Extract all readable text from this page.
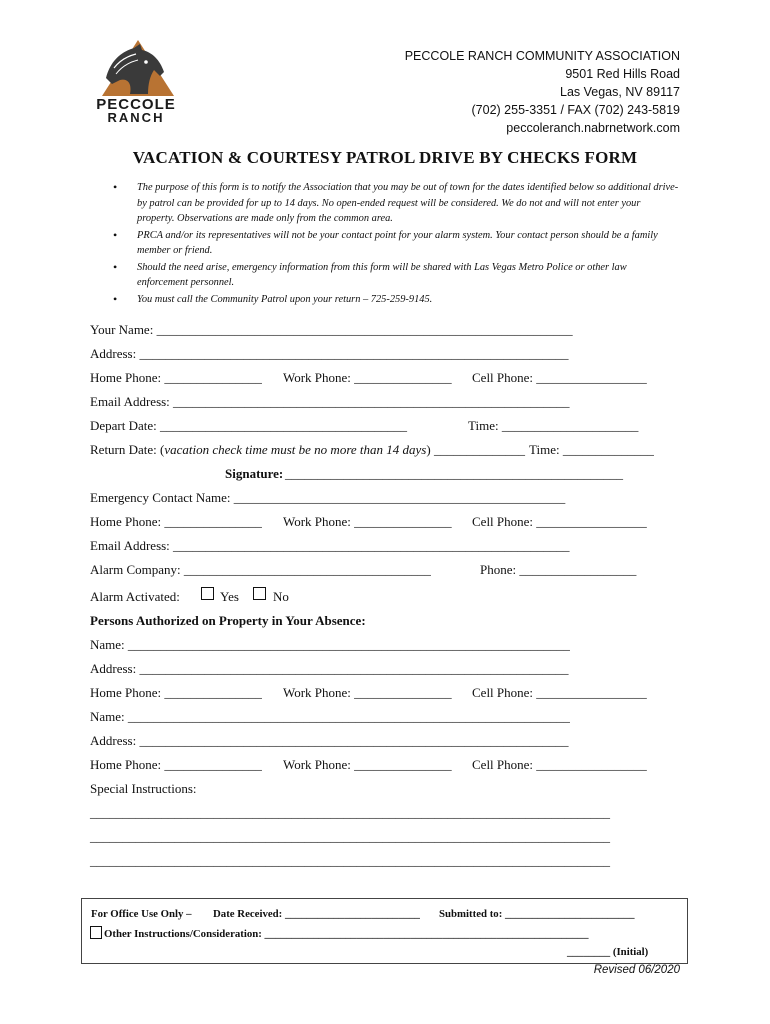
PECCOLE
RANCH
PECCOLE RANCH COMMUNITY ASSOCIATION
9501 Red Hills Road
Las Vegas, NV 89117
(702) 255-3351 / FAX (702) 243-5819
peccoleranch.nabrnetwork.com
VACATION & COURTESY PATROL DRIVE BY CHECKS FORM
• The purpose of this form is to notify the Association that you may be out of town for the dates identified below so additional drive-by patrol can be provided for up to 14 days. No open-ended request will be considered. We do not and will not enter your property. Observations are made only from the common area.
• PRCA and/or its representatives will not be your contact point for your alarm system. Your contact person should be a family member or friend.
• Should the need arise, emergency information from this form will be shared with Las Vegas Metro Police or other law enforcement personnel.
• You must call the Community Patrol upon your return – 725-259-9145.
Your Name: ________________________________________________________________
Address: __________________________________________________________________
Home Phone: _______________ Work Phone: _______________ Cell Phone: _________________
Email Address: _____________________________________________________________
Depart Date: ______________________________________	Time: _____________________
Return Date: (vacation check time must be no more than 14 days) ______________ Time: ______________
Signature: ____________________________________________________
Emergency Contact Name: ___________________________________________________
Home Phone: _______________ Work Phone: _______________ Cell Phone: _________________
Email Address: _____________________________________________________________
Alarm Company: ______________________________________	Phone: __________________
Alarm Activated:	Yes	No
Persons Authorized on Property in Your Absence:
Name: ____________________________________________________________________
Address: __________________________________________________________________
Home Phone: _______________ Work Phone: _______________ Cell Phone: _________________
Name: ____________________________________________________________________
Address: __________________________________________________________________
Home Phone: _______________ Work Phone: _______________ Cell Phone: _________________
Special Instructions:
________________________________________________________________________________
________________________________________________________________________________
________________________________________________________________________________
For Office Use Only – Date Received: _________________________ Submitted to: ________________________
Other Instructions/Consideration: ____________________________________________________________
________ (Initial)
Revised 06/2020
